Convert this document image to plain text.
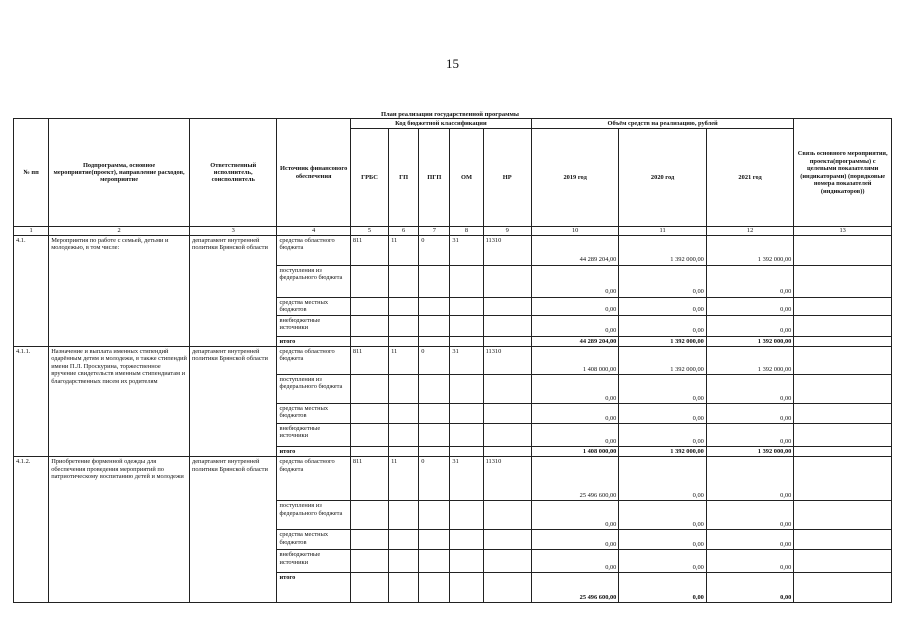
15
План реализации государственной программы
№ пп	Подпрограмма, основное мероприятие(проект), направление расходов, мероприятие	Ответственный исполнитель, соисполнитель	Источник финансового обеспечения	Код бюджетной классификации					Объём средств на реализацию, рублей			Связь основного мероприятия, проекта(программы) с целевыми показателями (индикаторами) (порядковые номера показателей (индикаторов))
				ГРБС	ГП	ПГП	ОМ	НР	2019 год	2020 год	2021 год	
1	2	3	4	5	6	7	8	9	10	11	12	13
4.1.	Мероприятия по работе с семьей, детьми и молодежью, в том числе:	департамент внутренней политики Брянской области	средства областного бюджета	811	11	0	31	11310	44 289 204,00	1 392 000,00	1 392 000,00	
			поступления из федерального бюджета						0,00	0,00	0,00	
			средства местных бюджетов						0,00	0,00	0,00	
			внебюджетные источники						0,00	0,00	0,00	
			итого						44 289 204,00	1 392 000,00	1 392 000,00	
4.1.1.	Назначение и выплата именных стипендий одарённым детям и молодежи, в также стипендий имени П.Л. Проскурина, торжественное вручение свидетельств именным стипендиатам и благодарственных писем их родителям	департамент внутренней политики Брянской области	средства областного бюджета	811	11	0	31	11310	1 408 000,00	1 392 000,00	1 392 000,00	
			поступления из федерального бюджета						0,00	0,00	0,00	
			средства местных бюджетов						0,00	0,00	0,00	
			внебюджетные источники						0,00	0,00	0,00	
			итого						1 408 000,00	1 392 000,00	1 392 000,00	
4.1.2.	Приобретение форменной одежды для обеспечения проведения мероприятий по патриотическому воспитанию детей и молодежи	департамент внутренней политики Брянской области	средства областного бюджета	811	11	0	31	11310	25 496 600,00	0,00	0,00	
			поступления из федерального бюджета						0,00	0,00	0,00	
			средства местных бюджетов						0,00	0,00	0,00	
			внебюджетные источники						0,00	0,00	0,00	
			итого						25 496 600,00	0,00	0,00	
